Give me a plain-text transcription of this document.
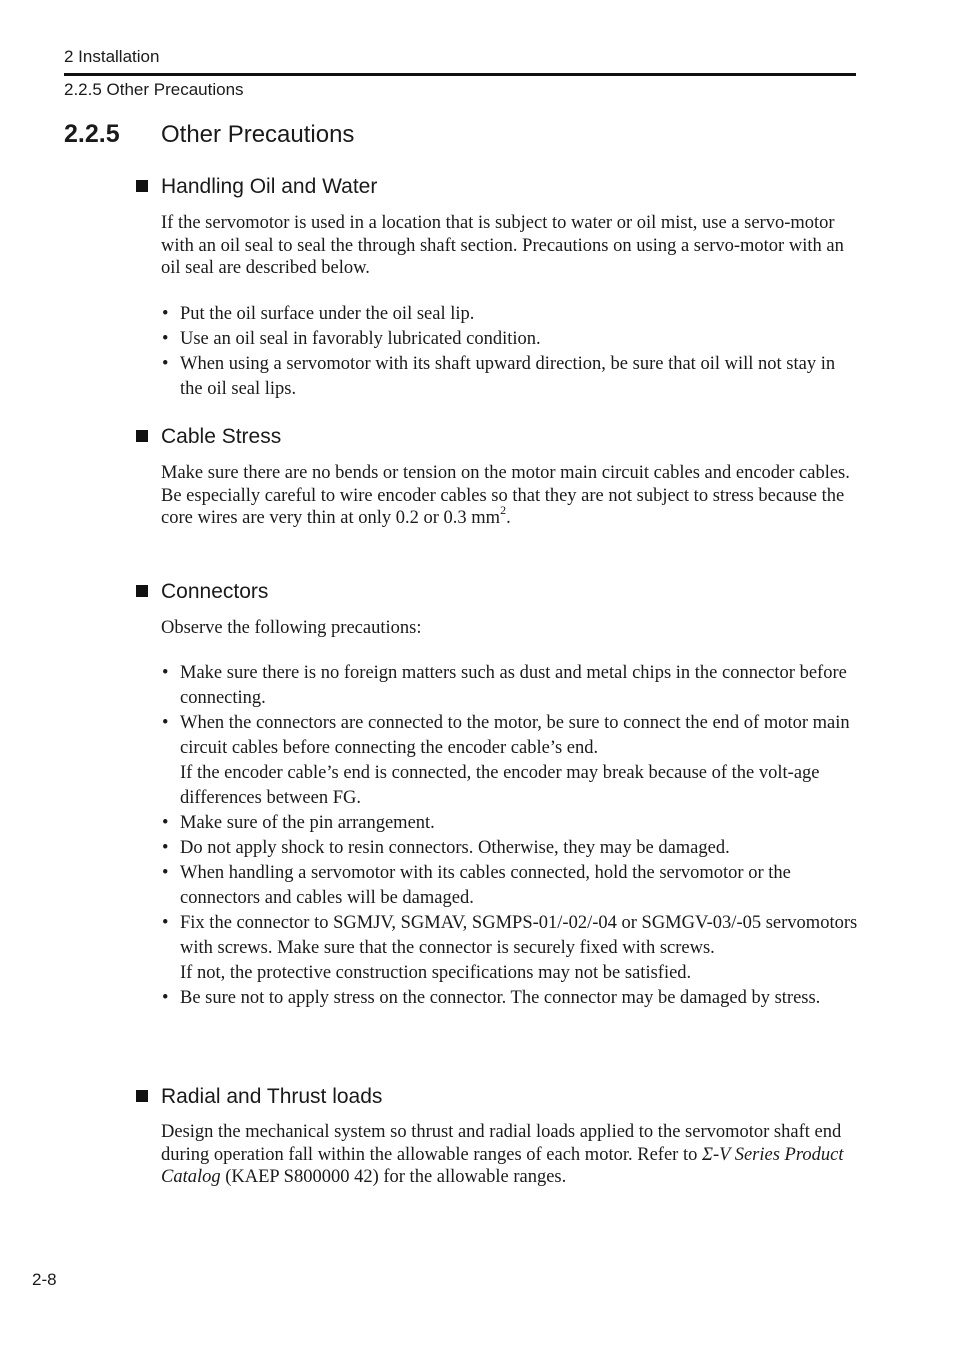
2 Installation
2.2.5 Other Precautions
2.2.5 Other Precautions
Handling Oil and Water

If the servomotor is used in a location that is subject to water or oil mist, use a servo-motor with an oil seal to seal the through shaft section. Precautions on using a servo-motor with an oil seal are described below.

• Put the oil surface under the oil seal lip.
• Use an oil seal in favorably lubricated condition.
• When using a servomotor with its shaft upward direction, be sure that oil will not stay in the oil seal lips.
Cable Stress

Make sure there are no bends or tension on the motor main circuit cables and encoder cables.

Be especially careful to wire encoder cables so that they are not subject to stress because the core wires are very thin at only 0.2 or 0.3 $mm^2$.

Connectors

Observe the following precautions:

• Make sure there is no foreign matters such as dust and metal chips in the connector before connecting.
• When the connectors are connected to the motor, be sure to connect the end of motor main circuit cables before connecting the encoder cable’s end.
If the encoder cable’s end is connected, the encoder may break because of the volt-age differences between FG.
• Make sure of the pin arrangement.
• Do not apply shock to resin connectors. Otherwise, they may be damaged.
• When handling a servomotor with its cables connected, hold the servomotor or the connectors and cables will be damaged.
• Fix the connector to SGMJV, SGMAV, SGMPS-01/-02/-04 or SGMGV-03/-05 servomotors with screws. Make sure that the connector is securely fixed with screws.
If not, the protective construction specifications may not be satisfied.
• Be sure not to apply stress on the connector. The connector may be damaged by stress.
Radial and Thrust loads

Design the mechanical system so thrust and radial loads applied to the servomotor shaft end during operation fall within the allowable ranges of each motor. Refer to Σ-V Series Product Catalog (KAEP S800000 42) for the allowable ranges.

2-8
